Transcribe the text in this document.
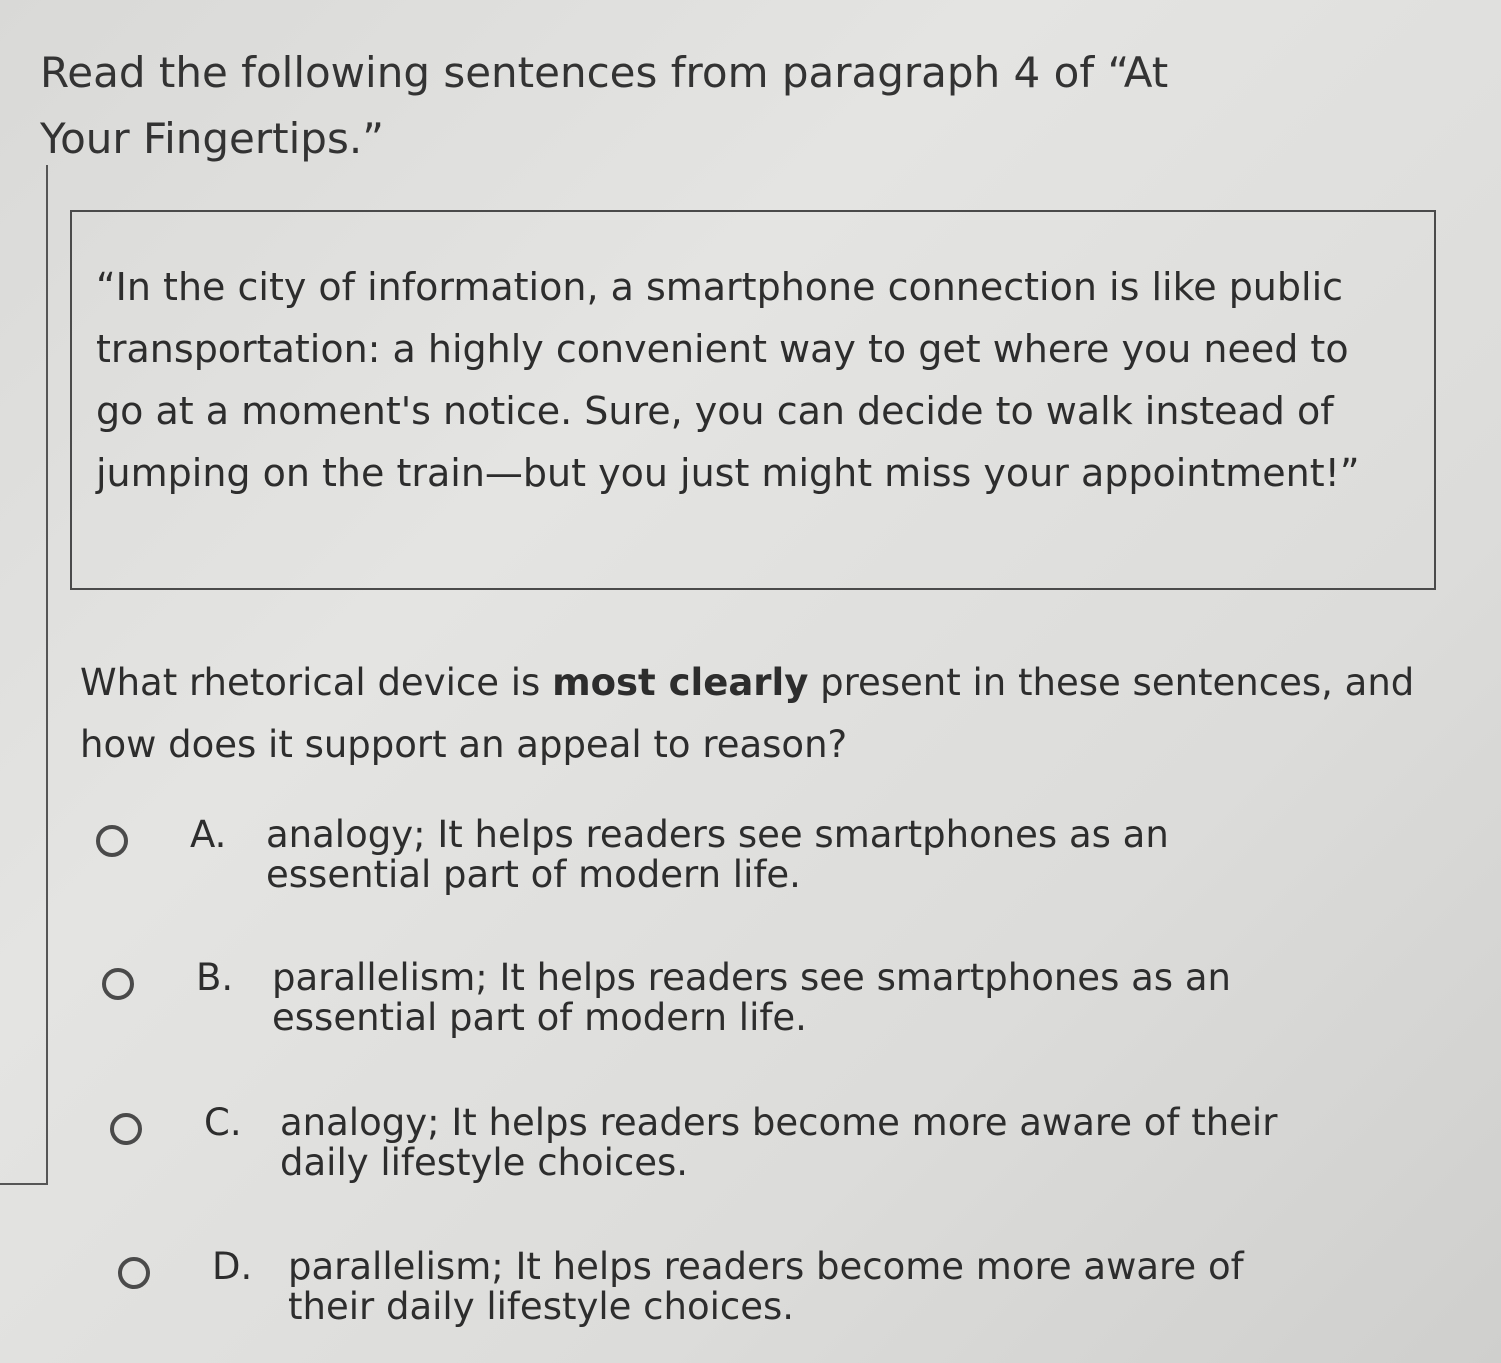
Read the following sentences from paragraph 4 of “At Your Fingertips.”

“In the city of information, a smartphone connection is like public transportation: a highly convenient way to get where you need to go at a moment's notice. Sure, you can decide to walk instead of jumping on the train—but you just might miss your appointment!”

What rhetorical device is most clearly present in these sentences, and how does it support an appeal to reason?
A.	analogy; It helps readers see smartphones as an essential part of modern life.
B.	parallelism; It helps readers see smartphones as an essential part of modern life.
C.	analogy; It helps readers become more aware of their daily lifestyle choices.
D. parallelism; It helps readers become more aware of their daily lifestyle choices.
